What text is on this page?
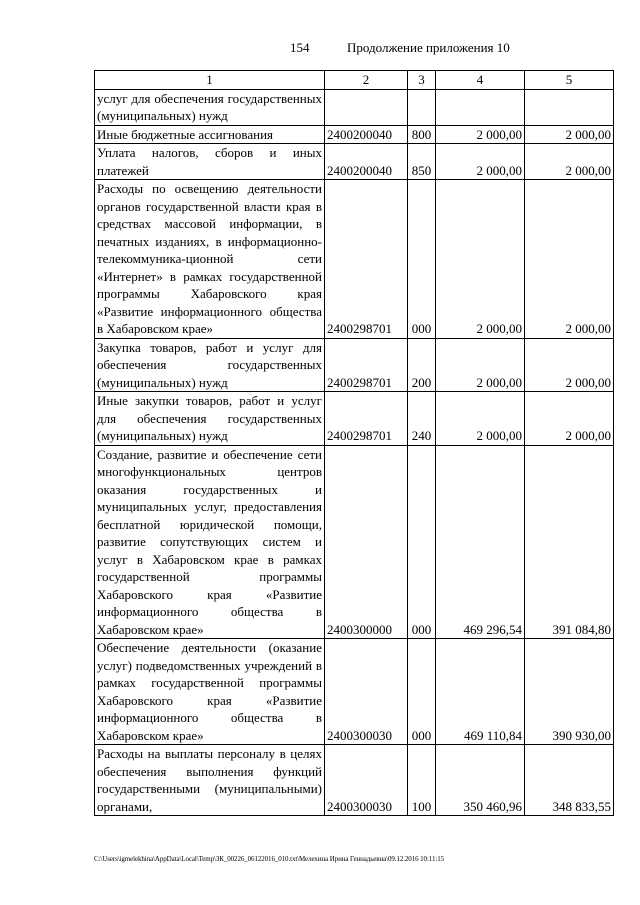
154	Продолжение приложения 10
1	2	3	4	5
услуг для обеспечения государственных (муниципальных) нужд				
Иные бюджетные ассигнования	2400200040	800	2 000,00	2 000,00
Уплата налогов, сборов и иных платежей	2400200040	850	2 000,00	2 000,00
Расходы по освещению деятельности органов государственной власти края в средствах массовой информации, в печатных изданиях, в информационно-телекоммуника-ционной сети «Интернет» в рамках государственной программы Хабаровского края «Развитие информационного общества в Хабаровском крае»	2400298701	000	2 000,00	2 000,00
Закупка товаров, работ и услуг для обеспечения государственных (муниципальных) нужд	2400298701	200	2 000,00	2 000,00
Иные закупки товаров, работ и услуг для обеспечения государственных (муниципальных) нужд	2400298701	240	2 000,00	2 000,00
Создание, развитие и обеспечение сети многофункциональных центров оказания государственных и муниципальных услуг, предоставления бесплатной юридической помощи, развитие сопутствующих систем и услуг в Хабаровском крае в рамках государственной программы Хабаровского края «Развитие информационного общества в Хабаровском крае»	2400300000	000	469 296,54	391 084,80
Обеспечение деятельности (оказание услуг) подведомственных учреждений в рамках государственной программы Хабаровского края «Развитие информационного общества в Хабаровском крае»	2400300030	000	469 110,84	390 930,00
Расходы на выплаты персоналу в целях обеспечения выполнения функций государственными (муниципальными) органами,	2400300030	100	350 460,96	348 833,55
C:\Users\igmelekhina\AppData\Local\Temp\ЗК_00226_06122016_010.txt\Мелехина Ирина Геннадьевна\09.12.2016 10:11:15
